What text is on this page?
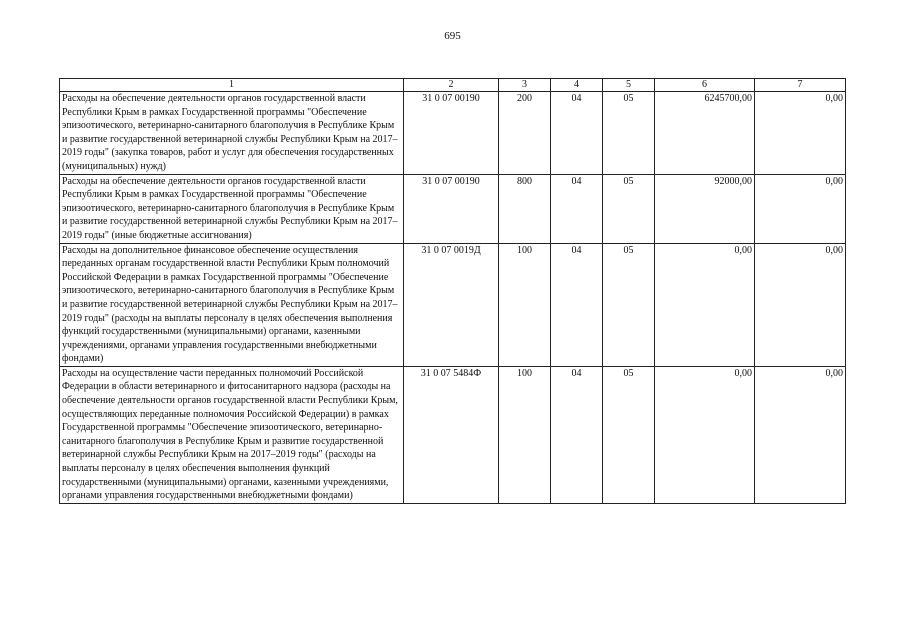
695
1	2	3	4	5	6	7
Расходы на обеспечение деятельности органов государственной власти Республики Крым в рамках Государственной программы "Обеспечение эпизоотического, ветеринарно-санитарного благополучия в Республике Крым и развитие государственной ветеринарной службы Республики Крым на 2017–2019 годы" (закупка товаров, работ и услуг для обеспечения государственных (муниципальных) нужд)	31 0 07 00190	200	04	05	6245700,00	0,00
Расходы на обеспечение деятельности органов государственной власти Республики Крым в рамках Государственной программы "Обеспечение эпизоотического, ветеринарно-санитарного благополучия в Республике Крым и развитие государственной ветеринарной службы Республики Крым на 2017–2019 годы" (иные бюджетные ассигнования)	31 0 07 00190	800	04	05	92000,00	0,00
Расходы на дополнительное финансовое обеспечение осуществления переданных органам государственной власти Республики Крым полномочий Российской Федерации в рамках Государственной программы "Обеспечение эпизоотического, ветеринарно-санитарного благополучия в Республике Крым и развитие государственной ветеринарной службы Республики Крым на 2017–2019 годы" (расходы на выплаты персоналу в целях обеспечения выполнения функций государственными (муниципальными) органами, казенными учреждениями, органами управления государственными внебюджетными фондами)	31 0 07 0019Д	100	04	05	0,00	0,00
Расходы на осуществление части переданных полномочий Российской Федерации в области ветеринарного и фитосанитарного надзора (расходы на обеспечение деятельности органов государственной власти Республики Крым, осуществляющих переданные полномочия Российской Федерации) в рамках Государственной программы "Обеспечение эпизоотического, ветеринарно-санитарного благополучия в Республике Крым и развитие государственной ветеринарной службы Республики Крым на 2017–2019 годы" (расходы на выплаты персоналу в целях обеспечения выполнения функций государственными (муниципальными) органами, казенными учреждениями, органами управления государственными внебюджетными фондами)	31 0 07 5484Ф	100	04	05	0,00	0,00
